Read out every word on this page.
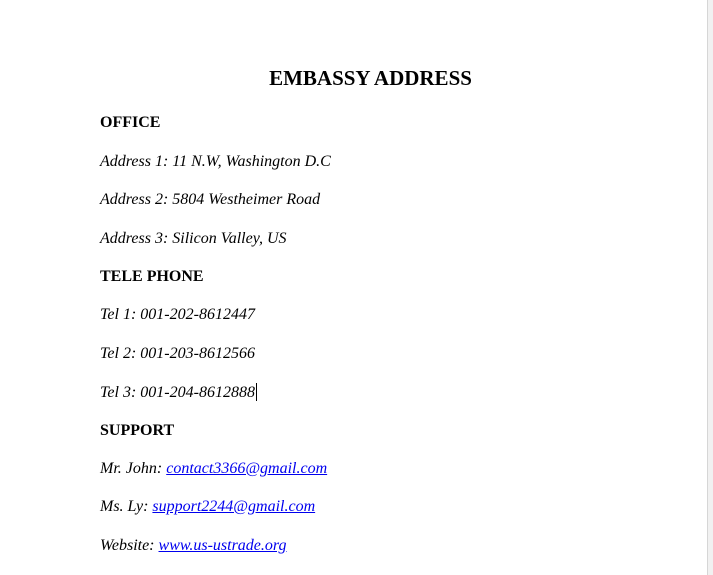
EMBASSY ADDRESS

OFFICE

Address 1: 11 N.W, Washington D.C

Address 2: 5804 Westheimer Road

Address 3: Silicon Valley, US

TELE PHONE

Tel 1: 001-202-8612447

Tel 2: 001-203-8612566

Tel 3: 001-204-8612888

SUPPORT

Mr. John: contact3366@gmail.com

Ms. Ly: support2244@gmail.com

Website: www.us-ustrade.org
